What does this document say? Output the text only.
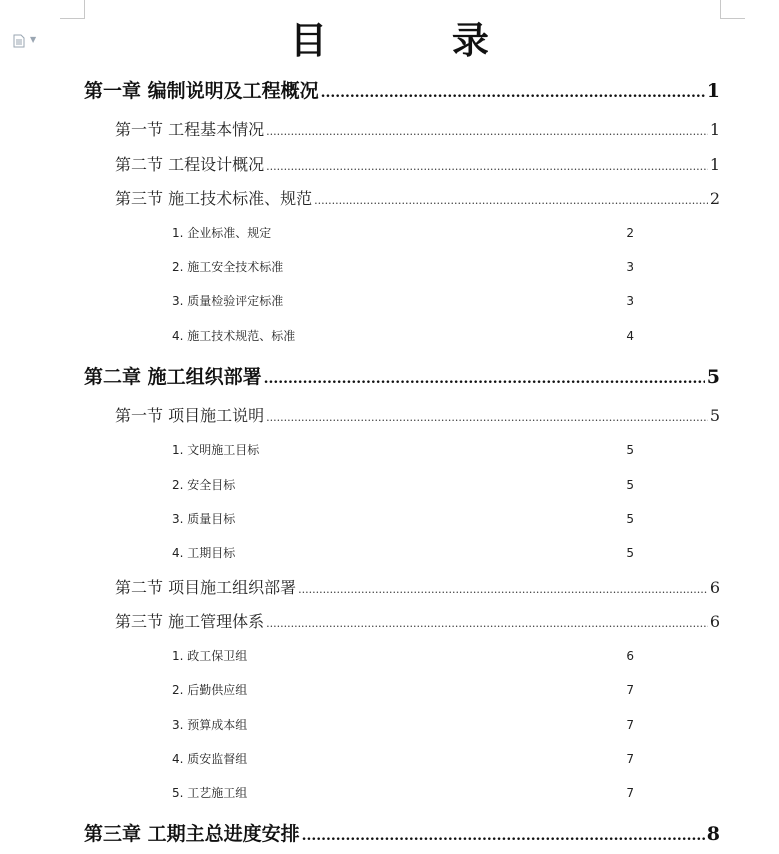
▼	目 录
第一章 编制说明及工程概况 .....	1
第一节 工程基本情况 .....	1
第二节 工程设计概况 .....	1
第三节 施工技术标准、规范 .....	2
1. 企业标准、规定	2
2. 施工安全技术标准	3
3. 质量检验评定标准	3
4. 施工技术规范、标准	4
第二章 施工组织部署 .....	5
第一节 项目施工说明 .....	5
1. 文明施工目标	5
2. 安全目标	5
3. 质量目标	5
4. 工期目标	5
第二节 项目施工组织部署 .....	6
第三节 施工管理体系 .....	6
1. 政工保卫组	6
2. 后勤供应组	7
3. 预算成本组	7
4. 质安监督组	7
5. 工艺施工组	7
第三章 工期主总进度安排 .....	8
